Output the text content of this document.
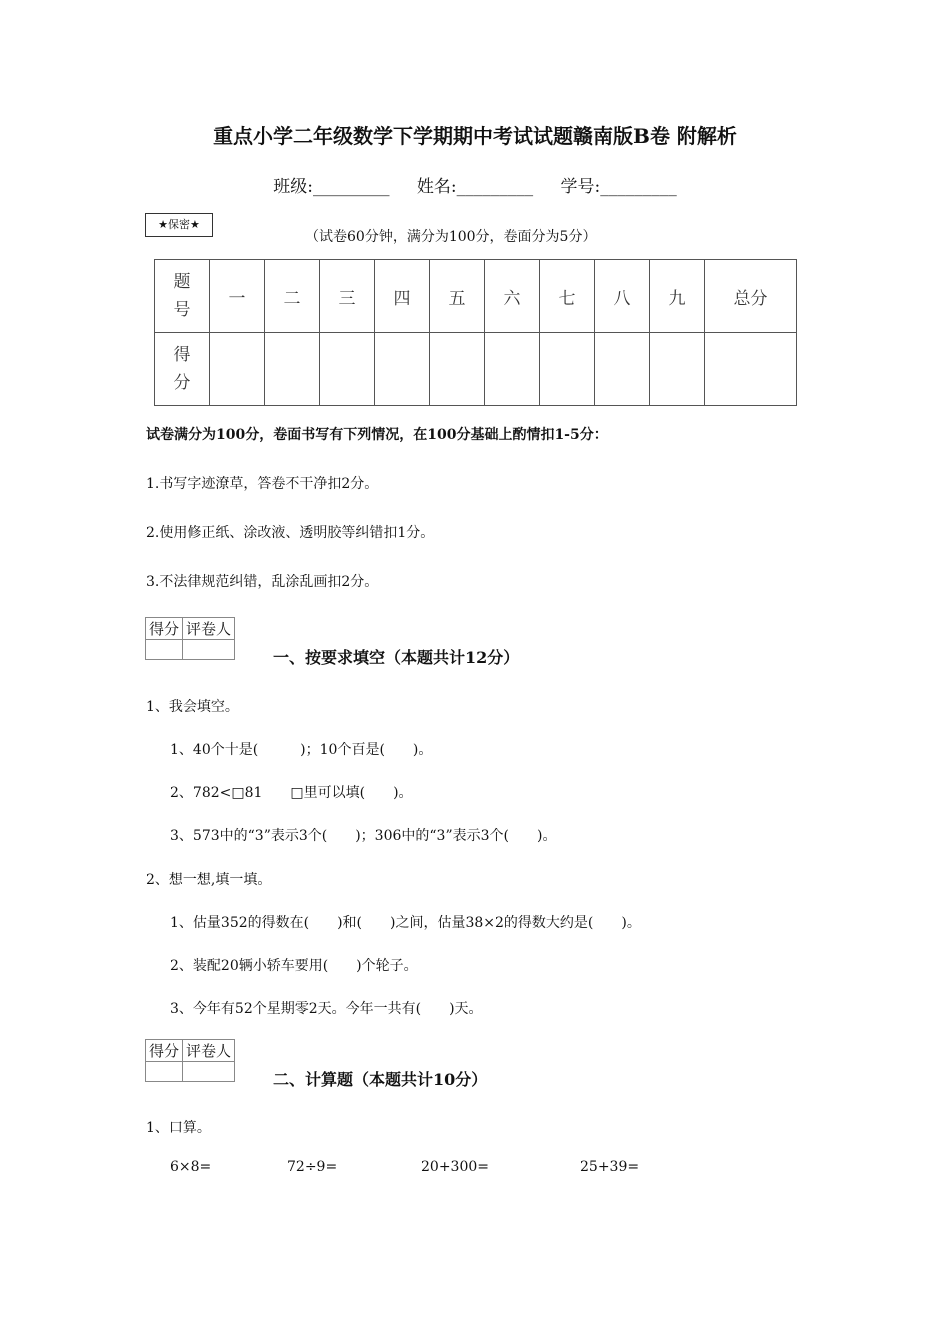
重点小学二年级数学下学期期中考试试题赣南版B卷 附解析
班级:_________ 姓名:_________ 学号:_________
★保密★
（试卷60分钟，满分为100分，卷面分为5分）
题号	一	二	三	四	五	六	七	八	九	总分
得分										
试卷满分为100分，卷面书写有下列情况，在100分基础上酌情扣1-5分：
1.书写字迹潦草，答卷不干净扣2分。
2.使用修正纸、涂改液、透明胶等纠错扣1分。
3.不法律规范纠错，乱涂乱画扣2分。
得分	评卷人

一、按要求填空（本题共计12分）
1、我会填空。
1、40个十是(　　　)；10个百是(　　)。
2、782<□81　　□里可以填(　　)。
3、573中的“3”表示3个(　　)；306中的“3”表示3个(　　)。
2、想一想,填一填。
1、估量352的得数在(　　)和(　　)之间，估量38×2的得数大约是(　　)。
2、装配20辆小轿车要用(　　)个轮子。
3、今年有52个星期零2天。今年一共有(　　)天。
得分	评卷人

二、计算题（本题共计10分）
1、口算。
6×8=	72÷9=	20+300=	25+39=
